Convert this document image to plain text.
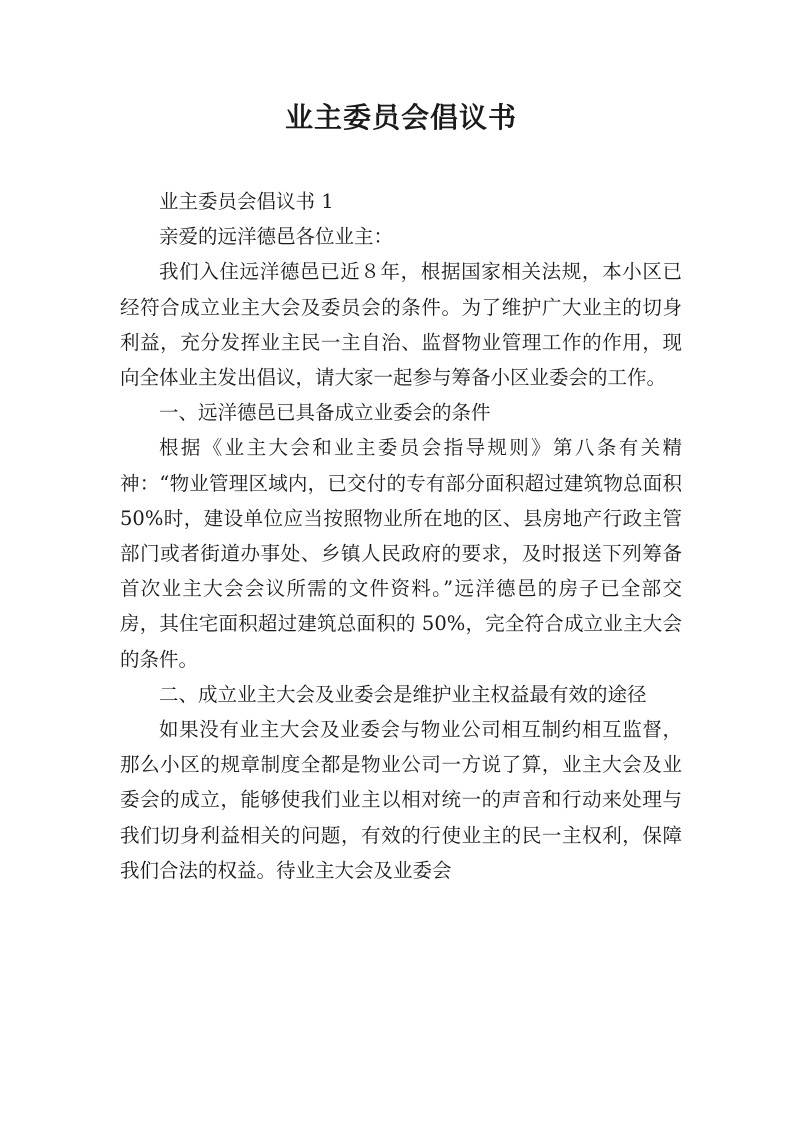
业主委员会倡议书

业主委员会倡议书 1

亲爱的远洋德邑各位业主：

我们入住远洋德邑已近８年，根据国家相关法规，本小区已经符合成立业主大会及委员会的条件。为了维护广大业主的切身利益，充分发挥业主民一主自治、监督物业管理工作的作用，现向全体业主发出倡议，请大家一起参与筹备小区业委会的工作。

一、远洋德邑已具备成立业委会的条件

根据《业主大会和业主委员会指导规则》第八条有关精神：“物业管理区域内，已交付的专有部分面积超过建筑物总面积 50%时，建设单位应当按照物业所在地的区、县房地产行政主管部门或者街道办事处、乡镇人民政府的要求，及时报送下列筹备首次业主大会会议所需的文件资料。”远洋德邑的房子已全部交房，其住宅面积超过建筑总面积的 50%，完全符合成立业主大会的条件。

二、成立业主大会及业委会是维护业主权益最有效的途径

如果没有业主大会及业委会与物业公司相互制约相互监督，那么小区的规章制度全都是物业公司一方说了算，业主大会及业委会的成立，能够使我们业主以相对统一的声音和行动来处理与我们切身利益相关的问题，有效的行使业主的民一主权利，保障我们合法的权益。待业主大会及业委会
